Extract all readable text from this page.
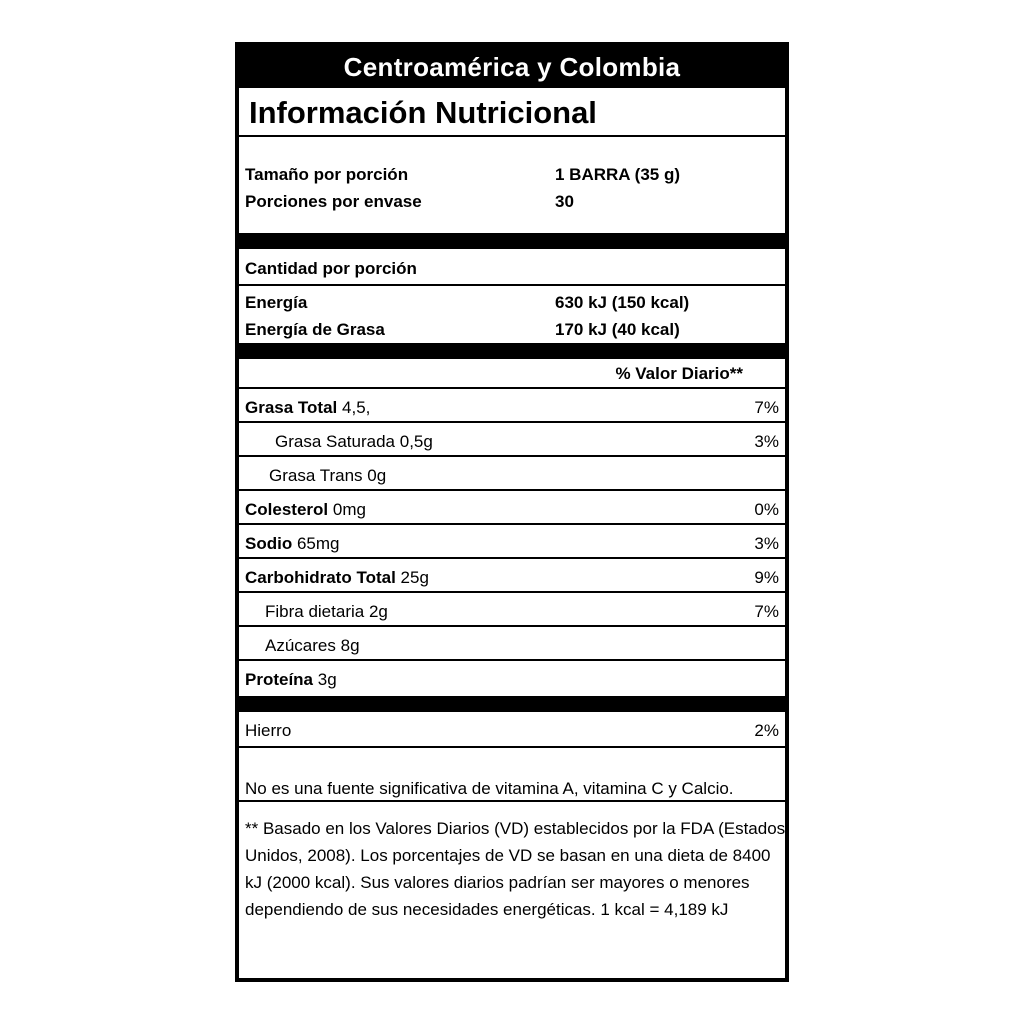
Centroamérica y Colombia
Información Nutricional
Tamaño por porción	1 BARRA (35 g)
Porciones por envase	30
Cantidad por porción
Energía	630 kJ (150 kcal)
Energía de Grasa	170 kJ (40 kcal)
% Valor Diario**
Grasa Total 4,5,	7%
Grasa Saturada 0,5g	3%
Grasa Trans 0g
Colesterol 0mg	0%
Sodio 65mg	3%
Carbohidrato Total 25g	9%
Fibra dietaria 2g	7%
Azúcares 8g
Proteína 3g
Hierro	2%
No es una fuente significativa de vitamina A, vitamina C y Calcio.
** Basado en los Valores Diarios (VD) establecidos por la FDA (Estados Unidos, 2008). Los porcentajes de VD se basan en una dieta de 8400 kJ (2000 kcal). Sus valores diarios padrían ser mayores o menores dependiendo de sus necesidades energéticas. 1 kcal = 4,189 kJ
